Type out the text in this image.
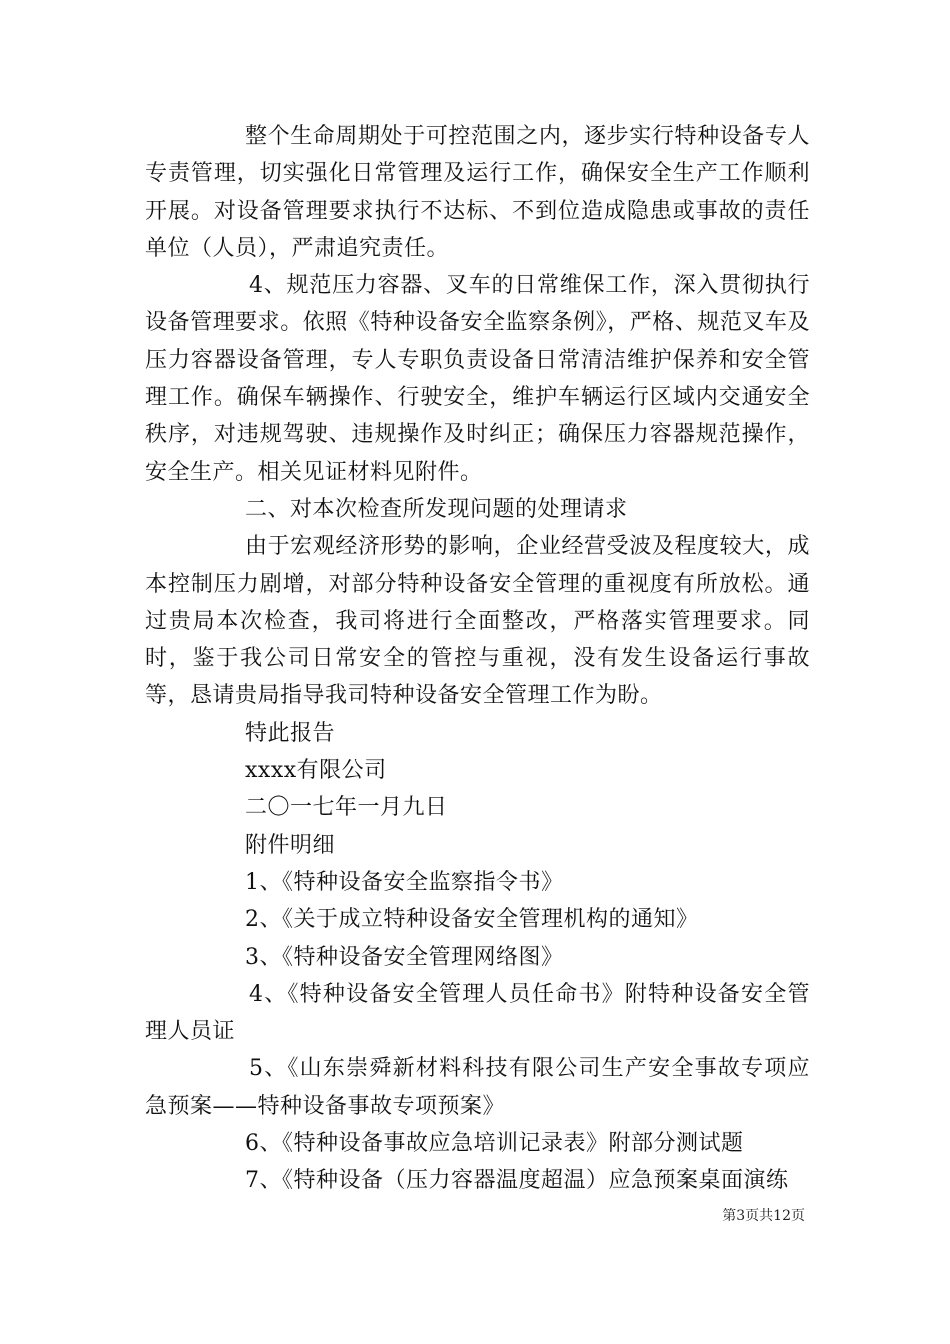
整个生命周期处于可控范围之内，逐步实行特种设备专人专责管理，切实强化日常管理及运行工作，确保安全生产工作顺利开展。对设备管理要求执行不达标、不到位造成隐患或事故的责任单位（人员），严肃追究责任。

4、规范压力容器、叉车的日常维保工作，深入贯彻执行设备管理要求。依照《特种设备安全监察条例》，严格、规范叉车及压力容器设备管理，专人专职负责设备日常清洁维护保养和安全管理工作。确保车辆操作、行驶安全，维护车辆运行区域内交通安全秩序，对违规驾驶、违规操作及时纠正；确保压力容器规范操作，安全生产。相关见证材料见附件。

二、对本次检查所发现问题的处理请求

由于宏观经济形势的影响，企业经营受波及程度较大，成本控制压力剧增，对部分特种设备安全管理的重视度有所放松。通过贵局本次检查，我司将进行全面整改，严格落实管理要求。同时，鉴于我公司日常安全的管控与重视，没有发生设备运行事故等，恳请贵局指导我司特种设备安全管理工作为盼。

特此报告

xxxx有限公司

二〇一七年一月九日

附件明细

1、《特种设备安全监察指令书》

2、《关于成立特种设备安全管理机构的通知》

3、《特种设备安全管理网络图》

4、《特种设备安全管理人员任命书》附特种设备安全管理人员证

5、《山东崇舜新材料科技有限公司生产安全事故专项应急预案——特种设备事故专项预案》

6、《特种设备事故应急培训记录表》附部分测试题

7、《特种设备（压力容器温度超温）应急预案桌面演练

第3页共12页
